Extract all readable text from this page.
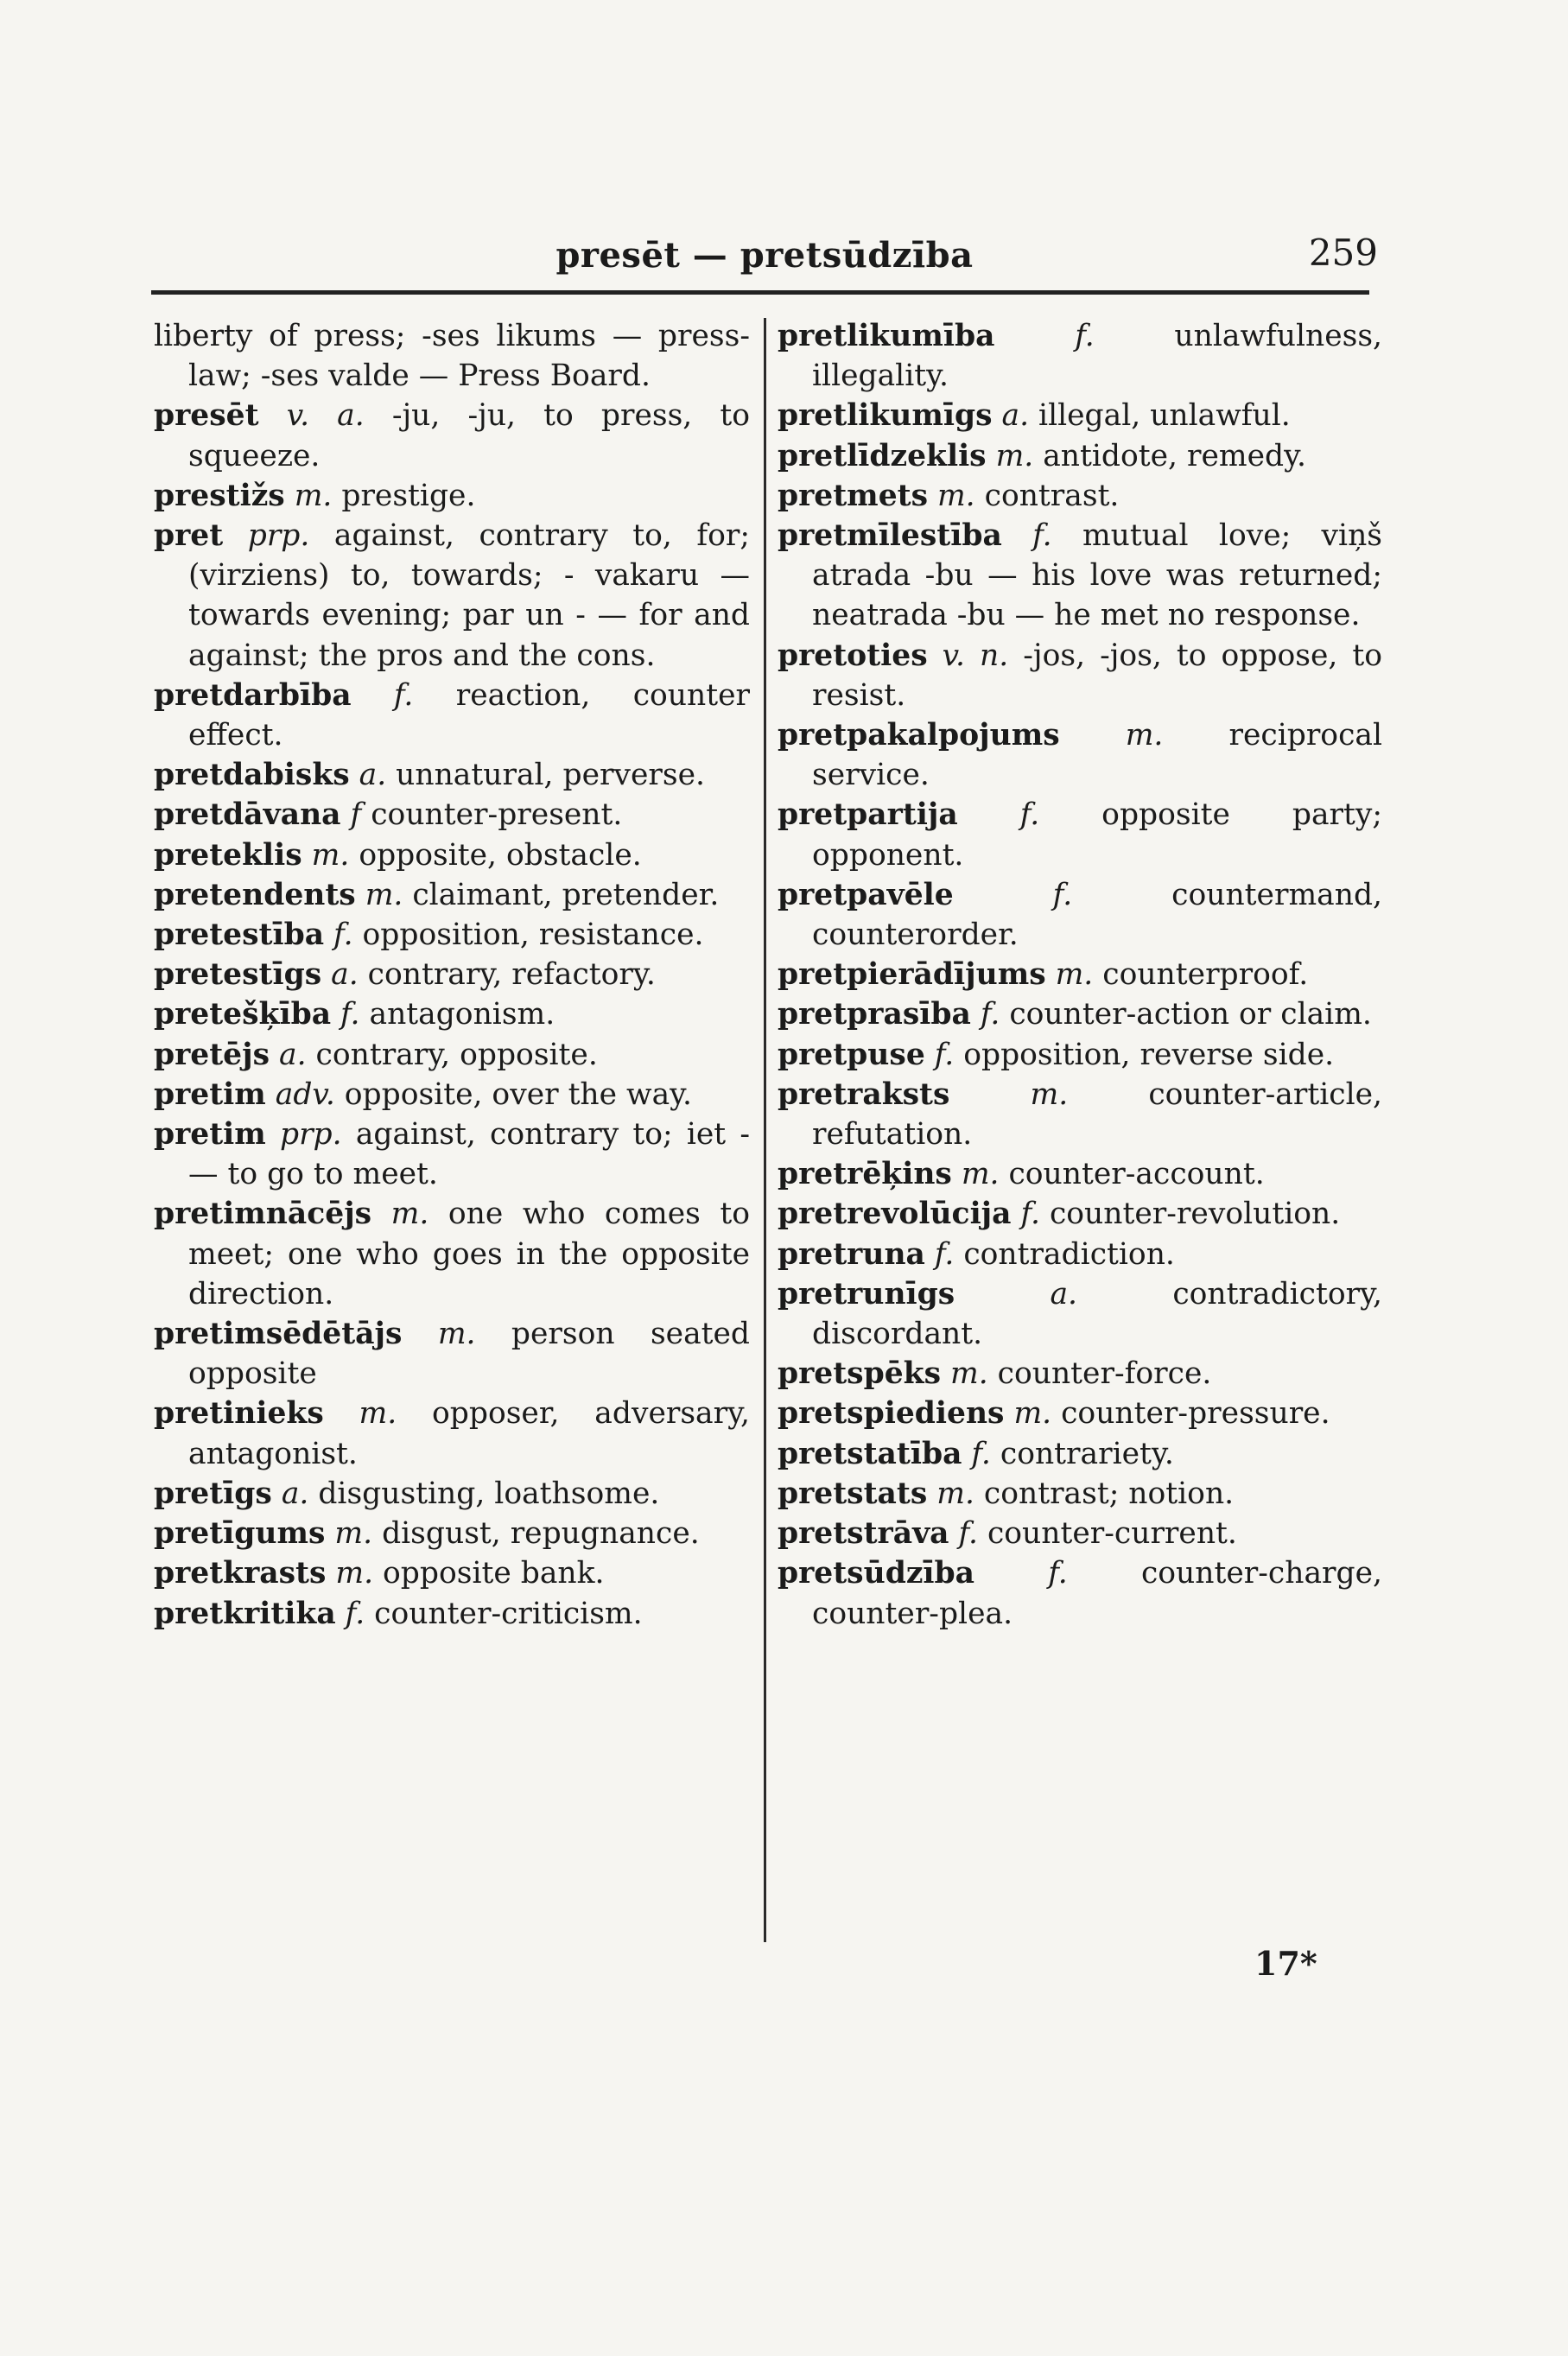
presēt — pretsūdzība	259

liberty of press; -ses likums — press-law; -ses valde — Press Board.

presēt v. a. -ju, -ju, to press, to squeeze.

prestižs m. prestige.

pret prp. against, contrary to, for; (virziens) to, towards; - vakaru — towards evening; par un - — for and against; the pros and the cons.

pretdarbība f. reaction, counter effect.

pretdabisks a. unnatural, perverse.

pretdāvana f counter-present.

preteklis m. opposite, obstacle.

pretendents m. claimant, pretender.

pretestība f. opposition, resistance.

pretestīgs a. contrary, refactory.

pretešķība f. antagonism.

pretējs a. contrary, opposite.

pretim adv. opposite, over the way.

pretim prp. against, contrary to; iet - — to go to meet.

pretimnācējs m. one who comes to meet; one who goes in the opposite direction.

pretimsēdētājs m. person seated opposite

pretinieks m. opposer, adversary, antagonist.

pretīgs a. disgusting, loathsome.

pretīgums m. disgust, repugnance.

pretkrasts m. opposite bank.

pretkritika f. counter-criticism.

pretlikumība	f.	unlawfulness, illegality.

pretlikumīgs a. illegal, unlawful.

pretlīdzeklis m. antidote, remedy.

pretmets m. contrast.

pretmīlestība f. mutual love; viņš atrada -bu — his love was returned; neatrada -bu — he met no response.

pretoties v. n. -jos, -jos, to oppose, to resist.

pretpakalpojums m. reciprocal service.

pretpartija f. opposite party; opponent.

pretpavēle	f.	countermand, counterorder.

pretpierādījums m. counterproof.

pretprasība f. counter-action or claim.

pretpuse f. opposition, reverse side.

pretraksts	m.	counter-article, refutation.

pretrēķins m. counter-account.

pretrevolūcija f. counter-revolution.

pretruna f. contradiction.

pretrunīgs	a.	contradictory, discordant.

pretspēks m. counter-force.

pretspiediens m. counter-pressure.

pretstatība f. contrariety.

pretstats m. contrast; notion.

pretstrāva f. counter-current.

pretsūdzība f. counter-charge, counter-plea.

17*
